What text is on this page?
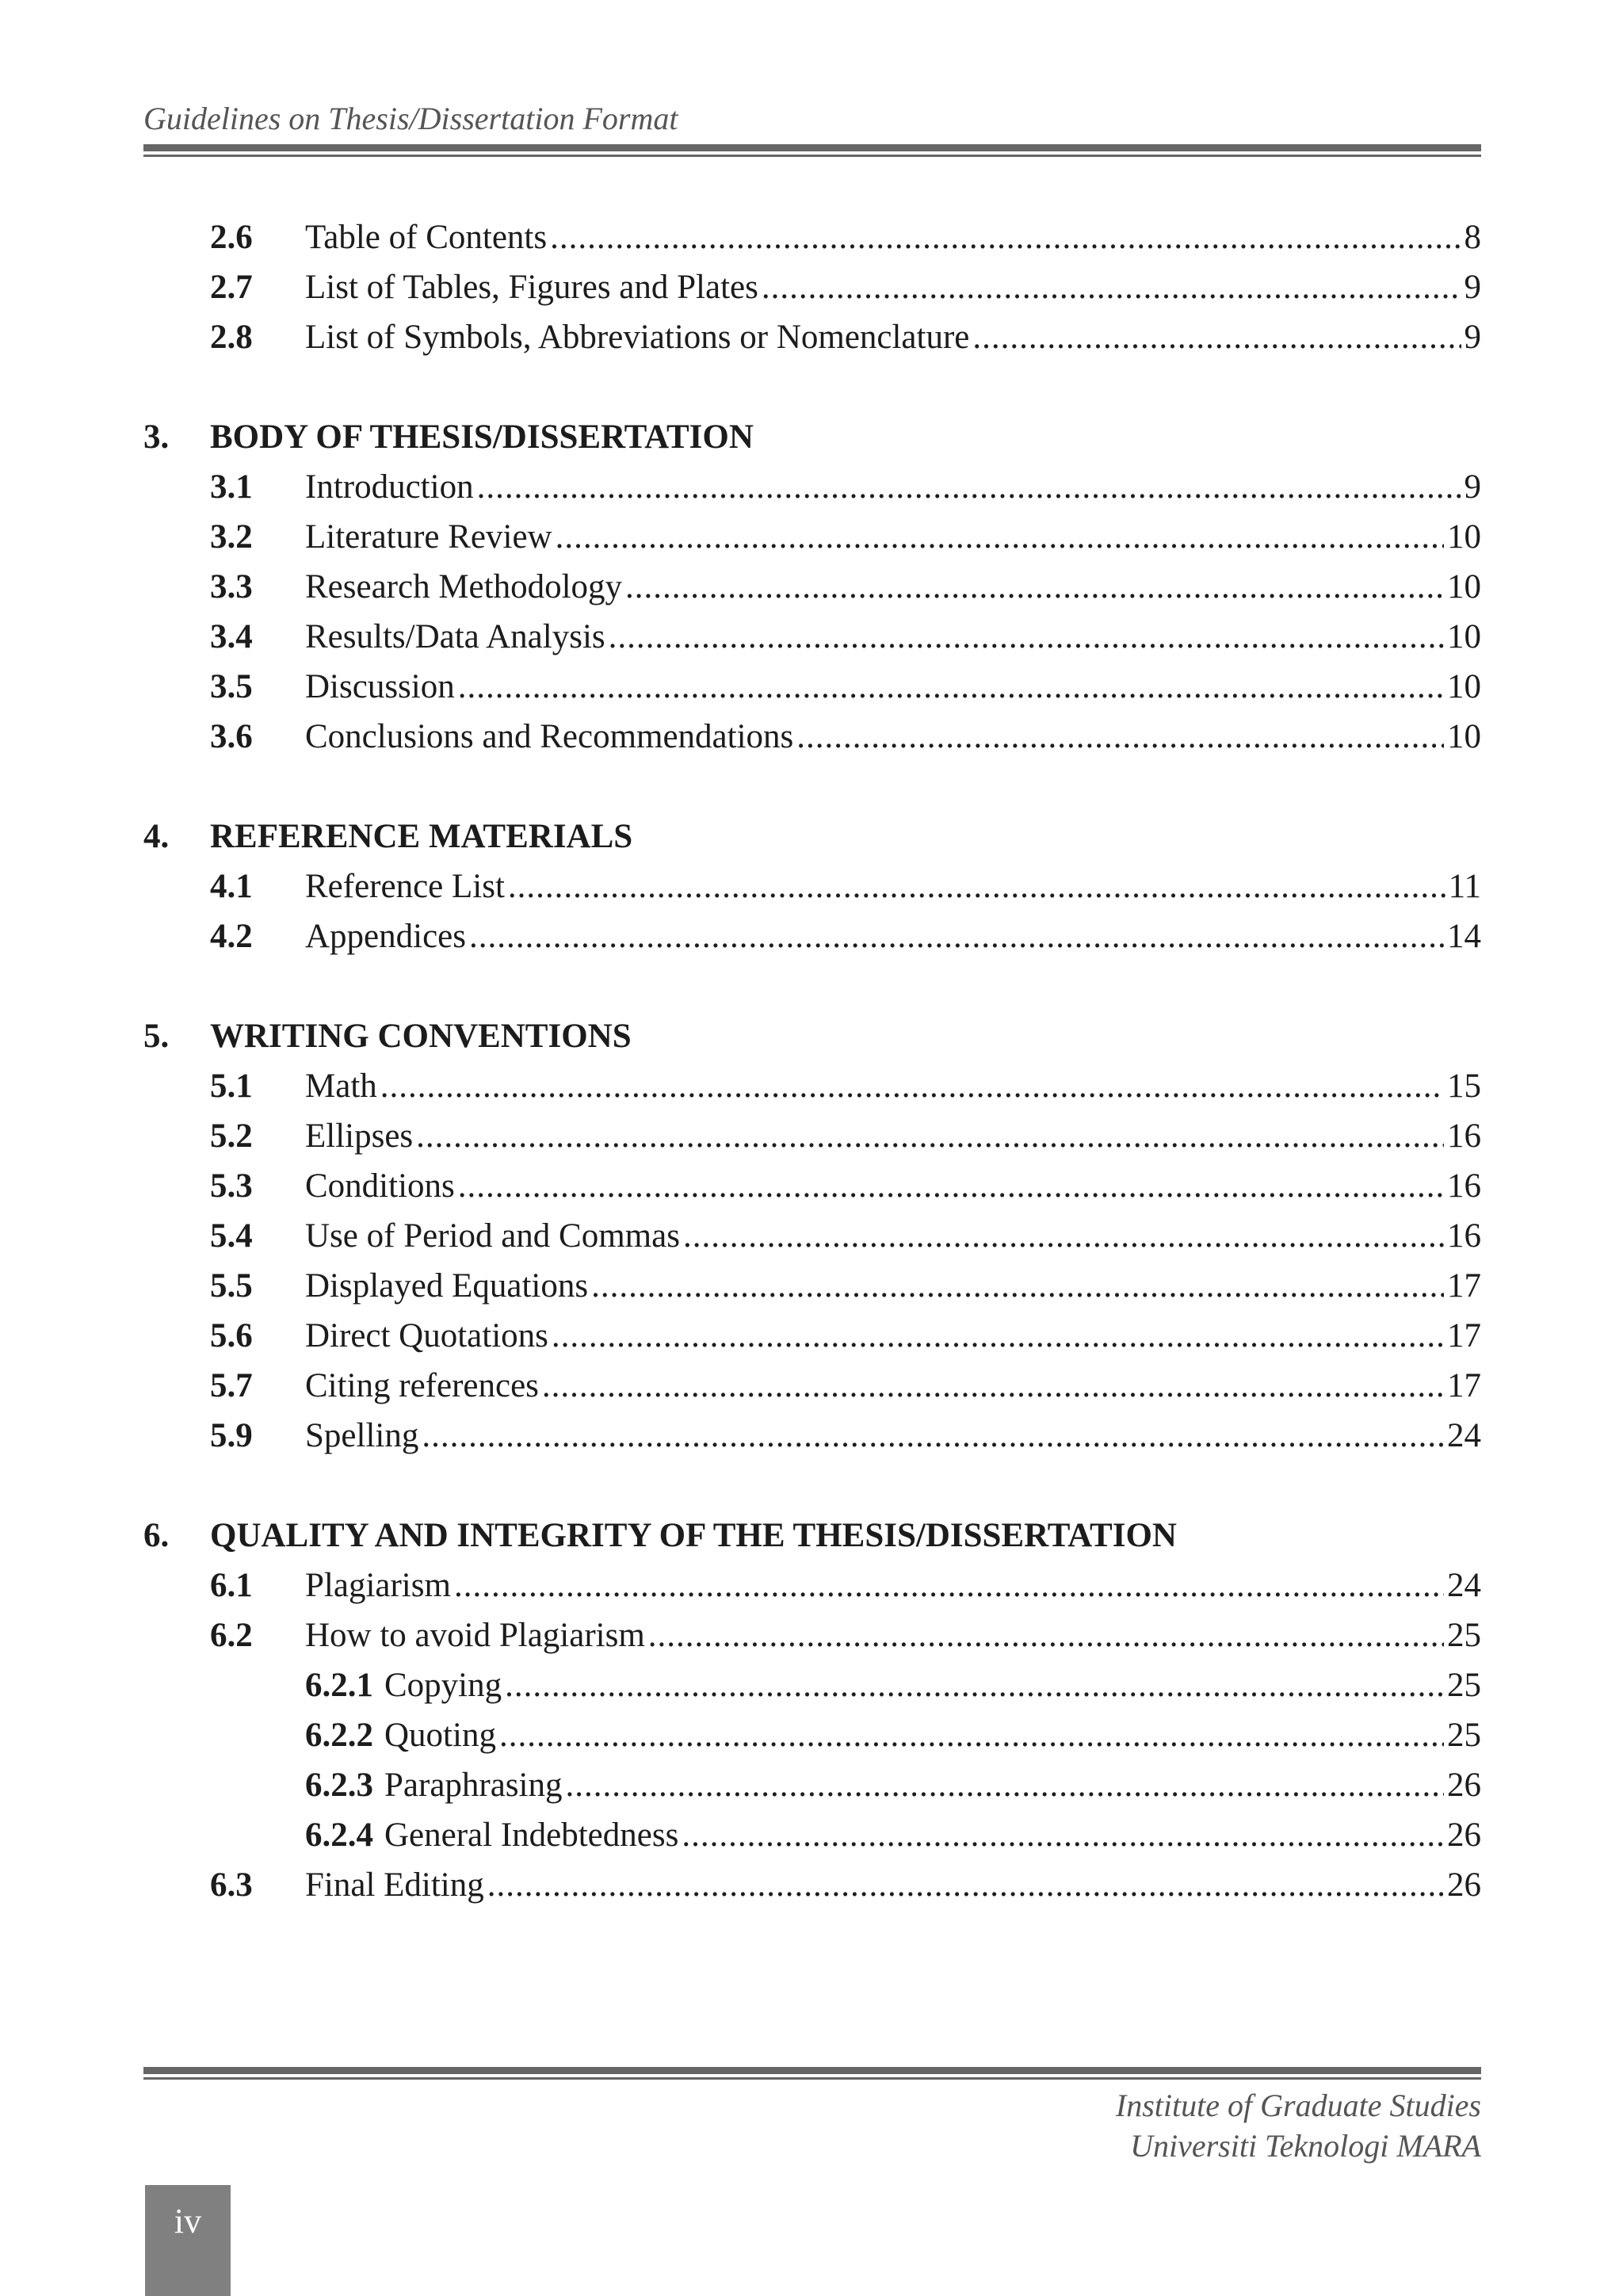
Guidelines on Thesis/Dissertation Format
2.6 Table of Contents .....	8
2.7 List of Tables, Figures and Plates .....	9
2.8 List of Symbols, Abbreviations or Nomenclature .....	9
3. BODY OF THESIS/DISSERTATION
3.1 Introduction .....	9
3.2 Literature Review .....	10
3.3 Research Methodology .....	10
3.4 Results/Data Analysis .....	10
3.5 Discussion .....	10
3.6 Conclusions and Recommendations .....	10
4. REFERENCE MATERIALS
4.1 Reference List .....	11
4.2 Appendices .....	14
5. WRITING CONVENTIONS
5.1 Math .....	15
5.2 Ellipses .....	16
5.3 Conditions .....	16
5.4 Use of Period and Commas .....	16
5.5 Displayed Equations .....	17
5.6 Direct Quotations .....	17
5.7 Citing references .....	17
5.9 Spelling .....	24
6. QUALITY AND INTEGRITY OF THE THESIS/DISSERTATION
6.1 Plagiarism .....	24
6.2 How to avoid Plagiarism .....	25
6.2.1 Copying .....	25
6.2.2 Quoting .....	25
6.2.3 Paraphrasing .....	26
6.2.4 General Indebtedness .....	26
6.3 Final Editing .....	26
Institute of Graduate Studies
Universiti Teknologi MARA
iv
